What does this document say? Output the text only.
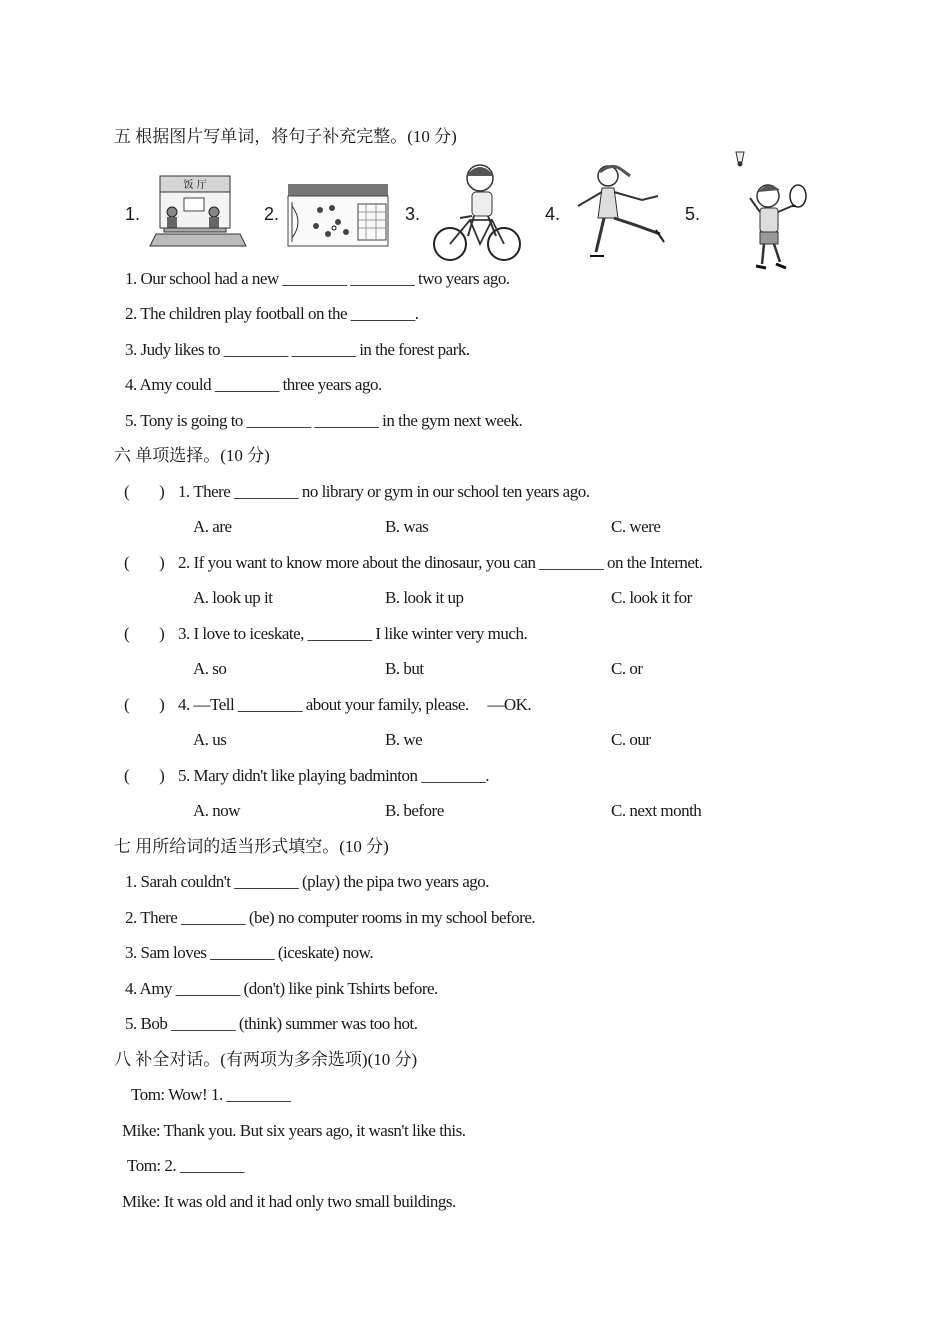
五 根据图片写单词，将句子补充完整。(10 分)
1.
饭 厅
2.	3.	4.	5.
1. Our school had a new ________ ________ two years ago.
2. The children play football on the ________.
3. Judy likes to ________ ________ in the forest park.
4. Amy could ________ three years ago.
5. Tony is going to ________ ________ in the gym next week.
六 单项选择。(10 分)
(        ) 1. There ________ no library or gym in our school ten years ago.
A. are	B. was	C. were
(        ) 2. If you want to know more about the dinosaur, you can ________ on the Internet.
A. look up it	B. look it up	C. look it for
(        ) 3. I love to iceskate, ________ I like winter very much.
A. so	B. but	C. or
(        ) 4. —Tell ________ about your family, please.     —OK.
A. us	B. we	C. our
(        ) 5. Mary didn't like playing badminton ________.
A. now	B. before	C. next month
七 用所给词的适当形式填空。(10 分)
1. Sarah couldn't ________ (play) the pipa two years ago.
2. There ________ (be) no computer rooms in my school before.
3. Sam loves ________ (iceskate) now.
4. Amy ________ (don't) like pink Tshirts before.
5. Bob ________ (think) summer was too hot.
八 补全对话。(有两项为多余选项)(10 分)
Tom: Wow! 1. ________
Mike: Thank you. But six years ago, it wasn't like this.
Tom: 2. ________
Mike: It was old and it had only two small buildings.
